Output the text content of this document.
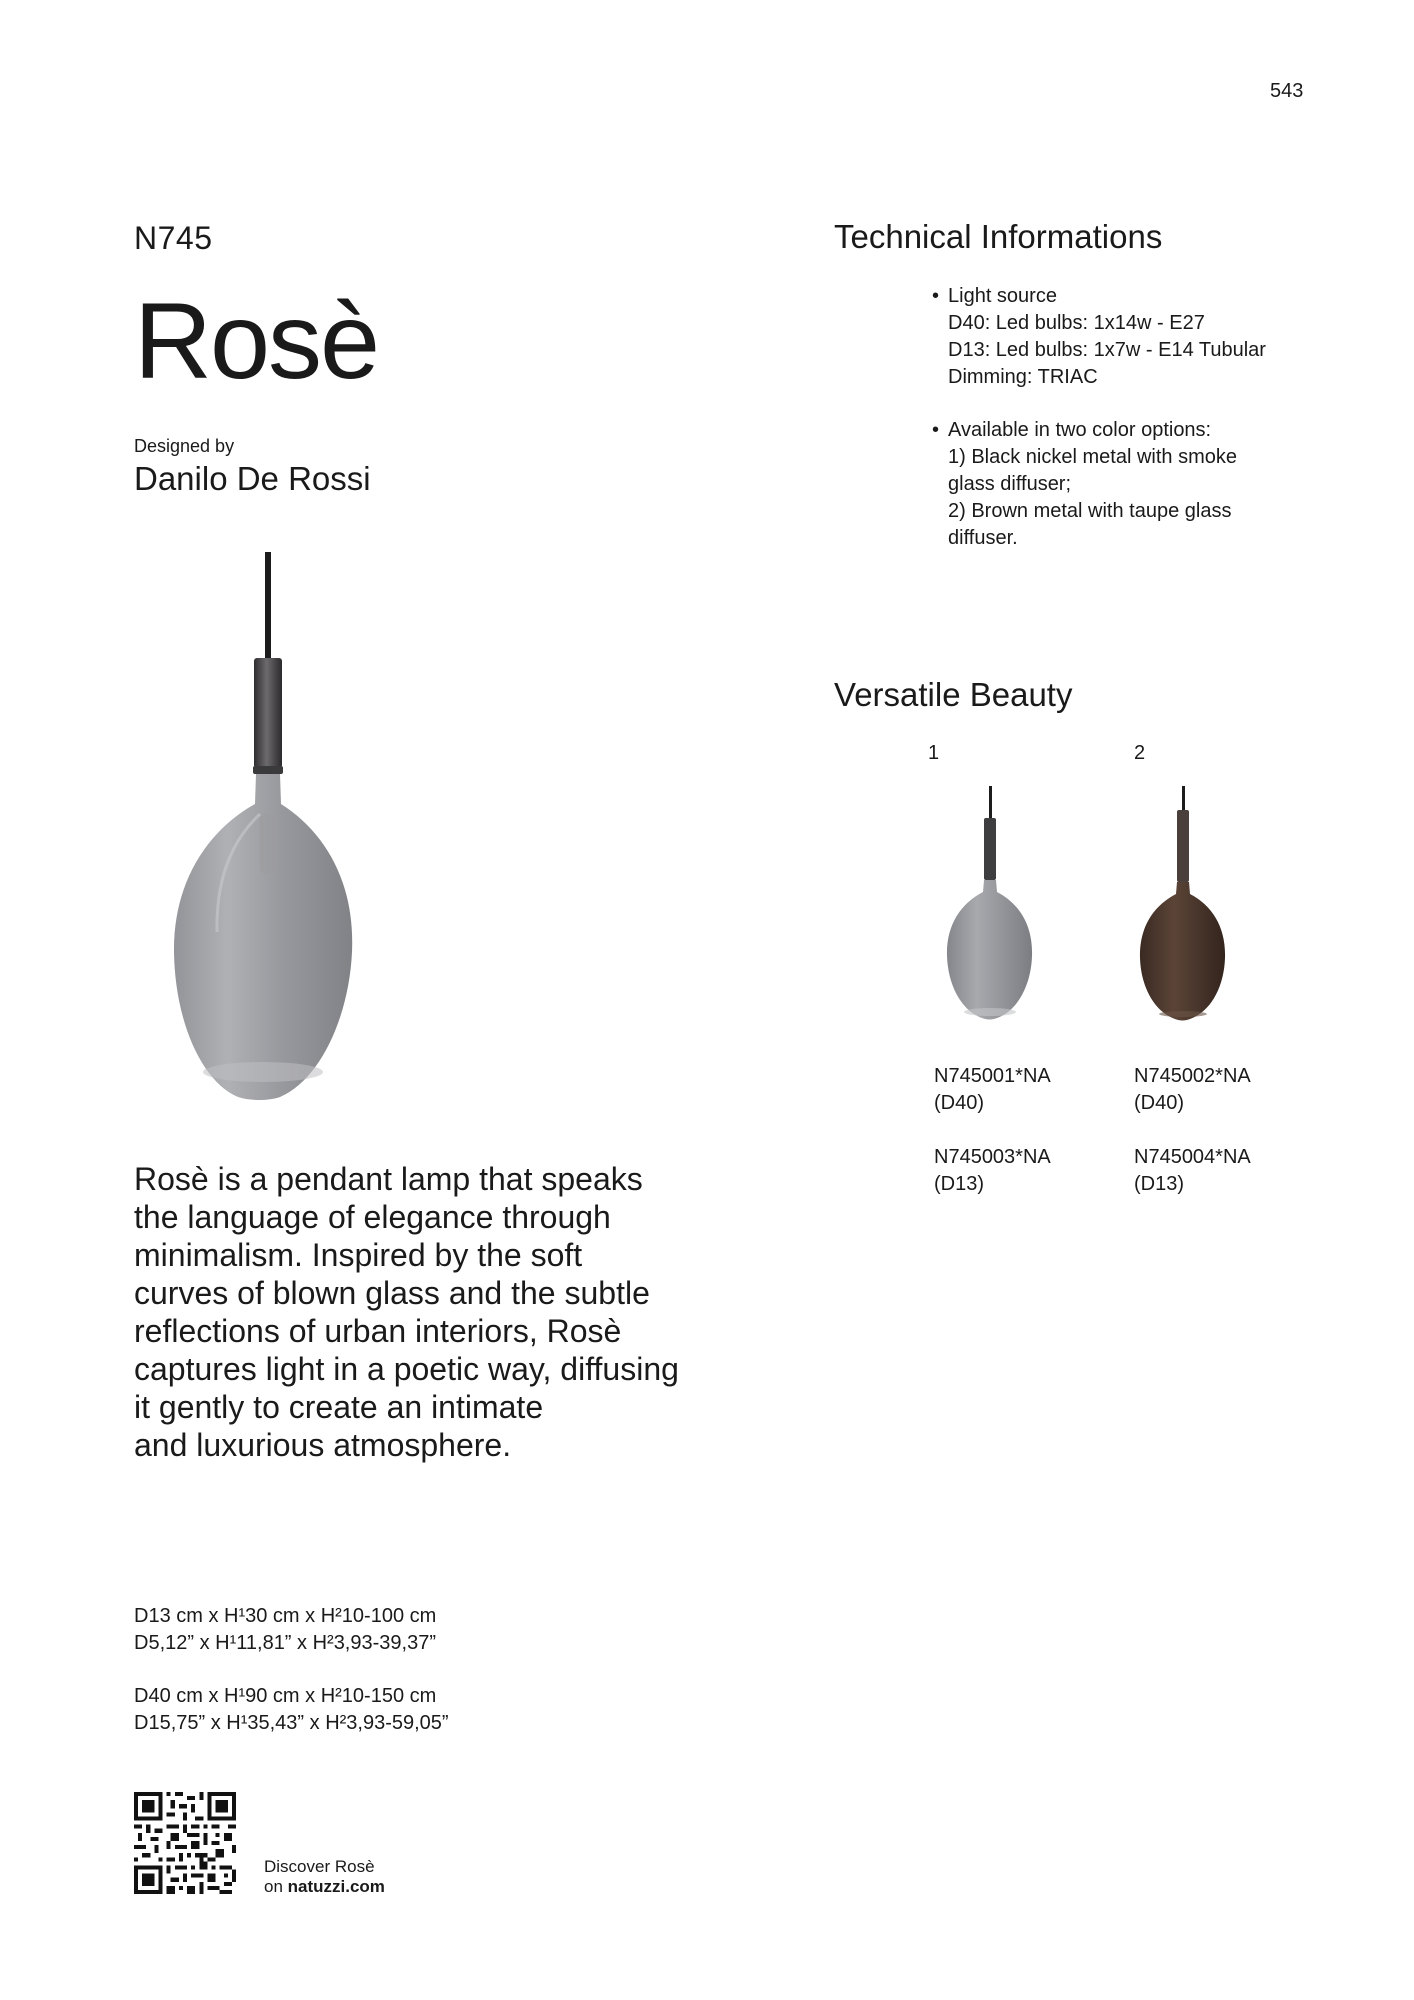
543
N745
Rosè
Designed by
Danilo De Rossi

Rosè is a pendant lamp that speaks
the language of elegance through
minimalism. Inspired by the soft
curves of blown glass and the subtle
reflections of urban interiors, Rosè
captures light in a poetic way, diffusing
it gently to create an intimate
and luxurious atmosphere.

D13 cm x H¹30 cm x H²10-100 cm

D5,12” x H¹11,81” x H²3,93-39,37”

D40 cm x H¹90 cm x H²10-150 cm

D15,75” x H¹35,43” x H²3,93-59,05”

Discover Rosè
on natuzzi.com
Technical Informations
• Light source

D40: Led bulbs: 1x14w - E27

D13: Led bulbs: 1x7w - E14 Tubular

Dimming: TRIAC

• Available in two color options:

1) Black nickel metal with smoke

glass diffuser;

2) Brown metal with taupe glass

diffuser.

Versatile Beauty
1	2

N745001*NA

(D40)

N745002*NA

(D40)

N745003*NA

(D13)

N745004*NA

(D13)
